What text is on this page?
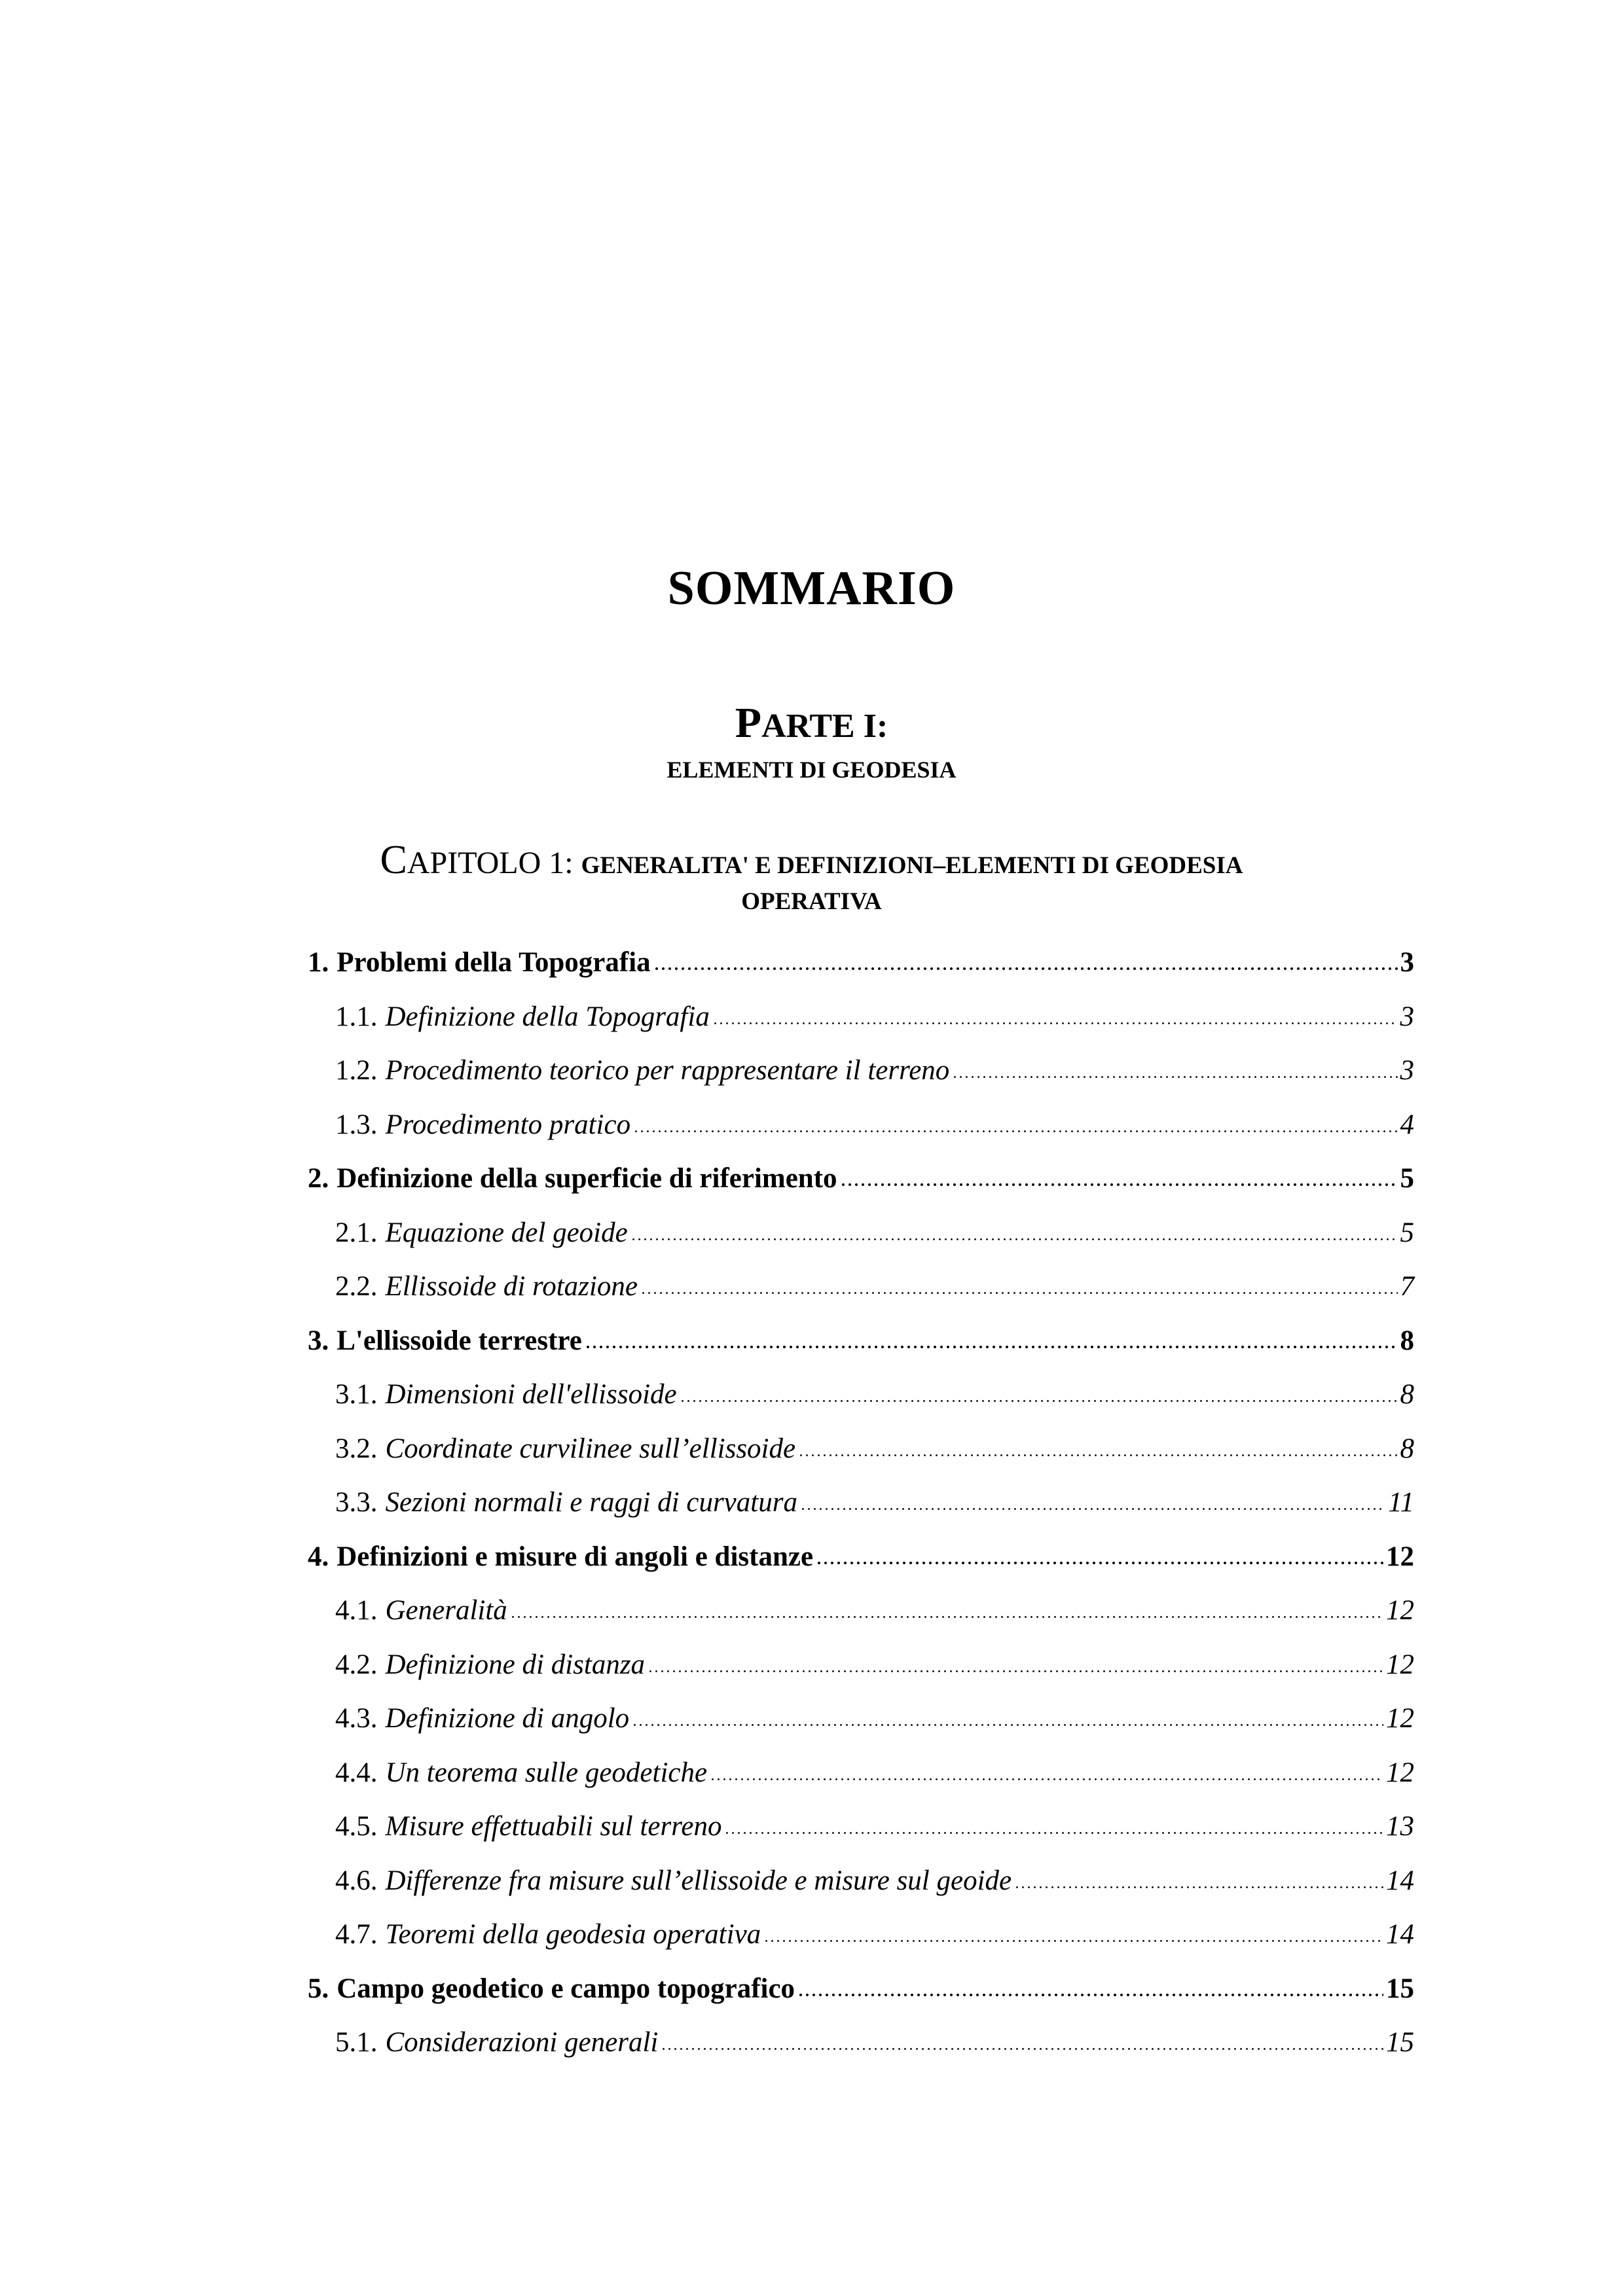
SOMMARIO
PARTE I:
ELEMENTI DI GEODESIA
CAPITOLO 1: GENERALITA' E DEFINIZIONI–ELEMENTI DI GEODESIA
OPERATIVA
1. Problemi della Topografia	3
1.1. Definizione della Topografia	3
1.2. Procedimento teorico per rappresentare il terreno	3
1.3. Procedimento pratico	4
2. Definizione della superficie di riferimento	5
2.1. Equazione del geoide	5
2.2. Ellissoide di rotazione	7
3. L'ellissoide terrestre	8
3.1. Dimensioni dell'ellissoide	8
3.2. Coordinate curvilinee sull’ellissoide	8
3.3. Sezioni normali e raggi di curvatura	11
4. Definizioni e misure di angoli e distanze	12
4.1. Generalità	12
4.2. Definizione di distanza	12
4.3. Definizione di angolo	12
4.4. Un teorema sulle geodetiche	12
4.5. Misure effettuabili sul terreno	13
4.6. Differenze fra misure sull’ellissoide e misure sul geoide	14
4.7. Teoremi della geodesia operativa	14
5. Campo geodetico e campo topografico	15
5.1. Considerazioni generali	15
